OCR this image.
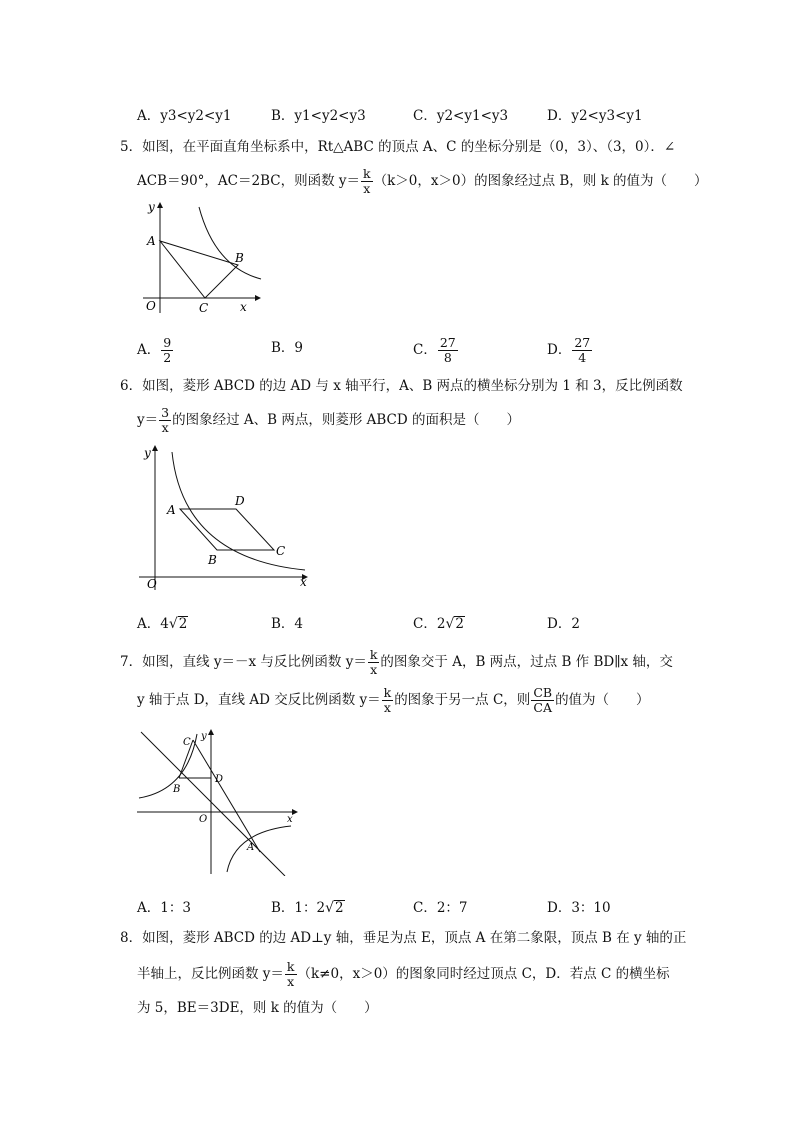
A．y3<y2<y1	B．y1<y2<y3	C．y2<y1<y3	D．y2<y3<y1
5．如图，在平面直角坐标系中，Rt△ABC 的顶点 A、C 的坐标分别是（0，3）、（3，0）．∠
ACB＝90°，AC＝2BC，则函数 $y= \frac{k}{x} (k>0$，x＞0）的图象经过点 B，则 k 的值为（　　）
y
A
B
O	C	x
A． $\frac{9}{2}$	B．9	C． $\frac{27}{8}$	D． $\frac{27}{4}$
6．如图，菱形 ABCD 的边 AD 与 x 轴平行，A、B 两点的横坐标分别为 1 和 3，反比例函数
$y= \frac{3}{x}$ 的图象经过 A、B 两点，则菱形 ABCD 的面积是（　　）
y
D
A
C
B
O	x
A．4√2	B．4	C．2√2	D．2
7．如图，直线 y＝－x 与反比例函数 $y= \frac{k}{x}$ 的图象交于 A，B 两点，过点 B 作 BD∥x 轴，交
y 轴于点 D，直线 AD 交反比例函数 $y= \frac{k}{x}$ 的图象于另一点 C，则 $\frac{CB}{CA}$ 的值为（　　）
C
y
D
B
O	x
A
A．1：3	B．1：2√2	C．2：7	D．3：10
8．如图，菱形 ABCD 的边 AD⊥y 轴，垂足为点 E，顶点 A 在第二象限，顶点 B 在 y 轴的正
半轴上，反比例函数 $y= \frac{k}{x} (k\ne 0$，x＞0）的图象同时经过顶点 C，D．若点 C 的横坐标
为 5，BE＝3DE，则 k 的值为（　　）
